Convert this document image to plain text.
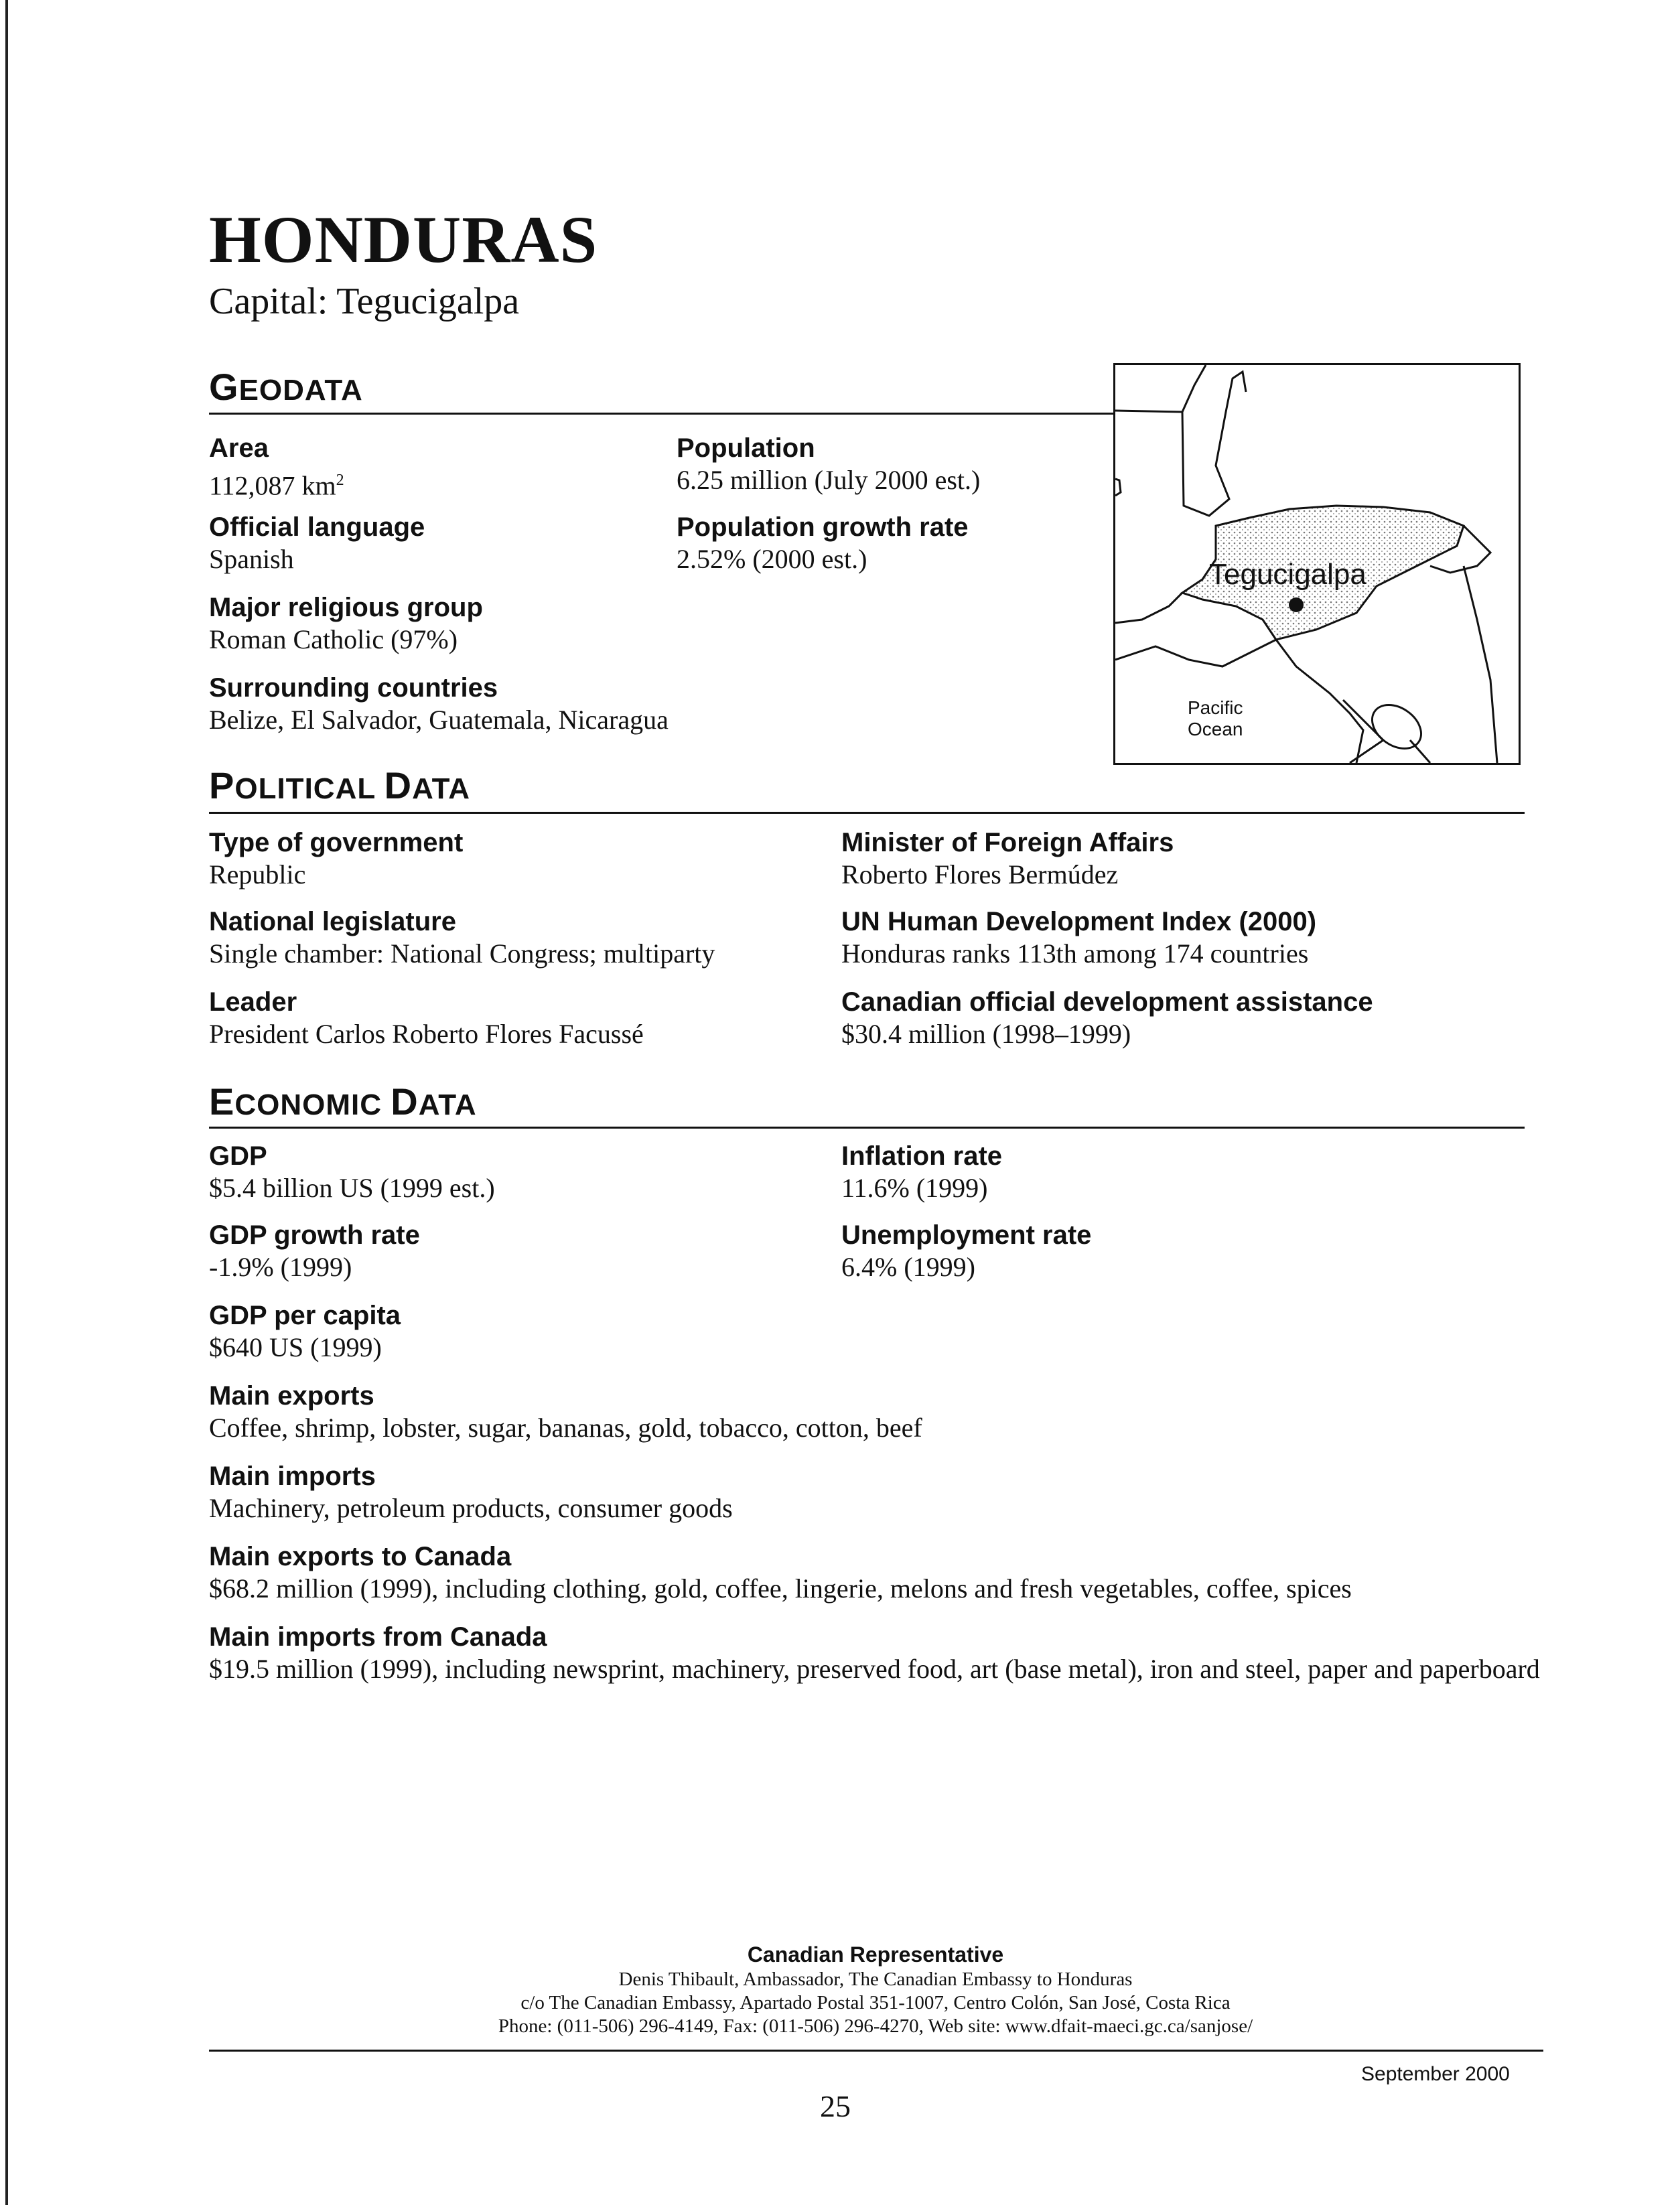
HONDURAS
Capital: Tegucigalpa
GEODATA
Area
112,087 $km^2$
Population
6.25 million (July 2000 est.)
Official language
Spanish
Population growth rate
2.52% (2000 est.)
Major religious group
Roman Catholic (97%)
Surrounding countries
Belize, El Salvador, Guatemala, Nicaragua
Tegucigalpa
Pacific
Ocean
POLITICAL DATA
Type of government
Republic
Minister of Foreign Affairs
Roberto Flores Bermúdez
National legislature
Single chamber: National Congress; multiparty
UN Human Development Index (2000)
Honduras ranks 113th among 174 countries
Leader
President Carlos Roberto Flores Facussé
Canadian official development assistance
$30.4 million (1998–1999)
ECONOMIC DATA
GDP
$5.4 billion US (1999 est.)
Inflation rate
11.6% (1999)
GDP growth rate
-1.9% (1999)
Unemployment rate
6.4% (1999)
GDP per capita
$640 US (1999)
Main exports
Coffee, shrimp, lobster, sugar, bananas, gold, tobacco, cotton, beef
Main imports
Machinery, petroleum products, consumer goods
Main exports to Canada
$68.2 million (1999), including clothing, gold, coffee, lingerie, melons and fresh vegetables, coffee, spices
Main imports from Canada
$19.5 million (1999), including newsprint, machinery, preserved food, art (base metal), iron and steel, paper and paperboard
Canadian Representative
Denis Thibault, Ambassador, The Canadian Embassy to Honduras
c/o The Canadian Embassy, Apartado Postal 351-1007, Centro Colón, San José, Costa Rica
Phone: (011-506) 296-4149, Fax: (011-506) 296-4270, Web site: www.dfait-maeci.gc.ca/sanjose/
September 2000
25
